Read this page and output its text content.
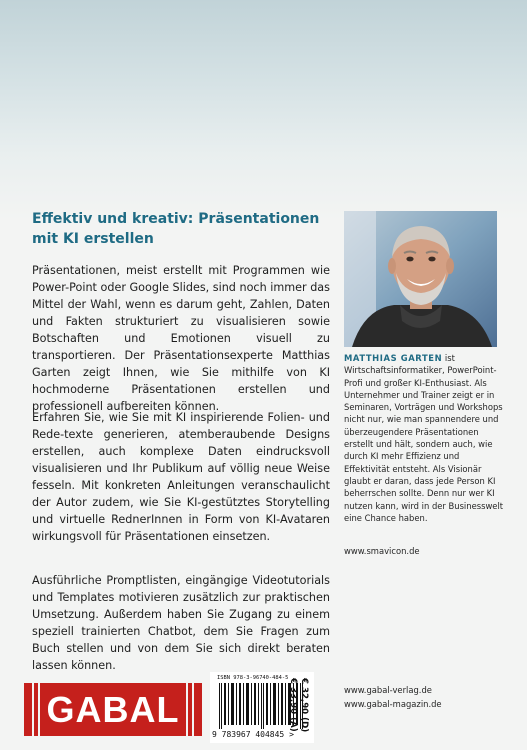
Effektiv und kreativ: Präsentationen mit KI erstellen
Präsentationen, meist erstellt mit Programmen wie Power-Point oder Google Slides, sind noch immer das Mittel der Wahl, wenn es darum geht, Zahlen, Daten und Fakten strukturiert zu visualisieren sowie Botschaften und Emotionen visuell zu transportieren. Der Präsentationsexperte Matthias Garten zeigt Ihnen, wie Sie mithilfe von KI hochmoderne Präsentationen erstellen und professionell aufbereiten können.
Erfahren Sie, wie Sie mit KI inspirierende Folien- und Rede-texte generieren, atemberaubende Designs erstellen, auch komplexe Daten eindrucksvoll visualisieren und Ihr Publikum auf völlig neue Weise fesseln. Mit konkreten Anleitungen veranschaulicht der Autor zudem, wie Sie KI-gestütztes Storytelling und virtuelle RednerInnen in Form von KI-Avataren wirkungsvoll für Präsentationen einsetzen.
Ausführliche Promptlisten, eingängige Videotutorials und Templates motivieren zusätzlich zur praktischen Umsetzung. Außerdem haben Sie Zugang zu einem speziell trainierten Chatbot, dem Sie Fragen zum Buch stellen und von dem Sie sich direkt beraten lassen können.
MATTHIAS GARTEN ist Wirtschaftsinformatiker, PowerPoint-Profi und großer KI-Enthusiast. Als Unternehmer und Trainer zeigt er in Seminaren, Vorträgen und Workshops nicht nur, wie man spannendere und überzeugendere Präsentationen erstellt und hält, sondern auch, wie durch KI mehr Effizienz und Effektivität entsteht. Als Visionär glaubt er daran, dass jede Person KI beherrschen sollte. Denn nur wer KI nutzen kann, wird in der Businesswelt eine Chance haben.
www.smavicon.de
GABAL
ISBN 978-3-96740-484-5
9 783967 404845 >
€ 32,90 (D)
€ 33,90 (A)	www.gabal-verlag.de
www.gabal-magazin.de
